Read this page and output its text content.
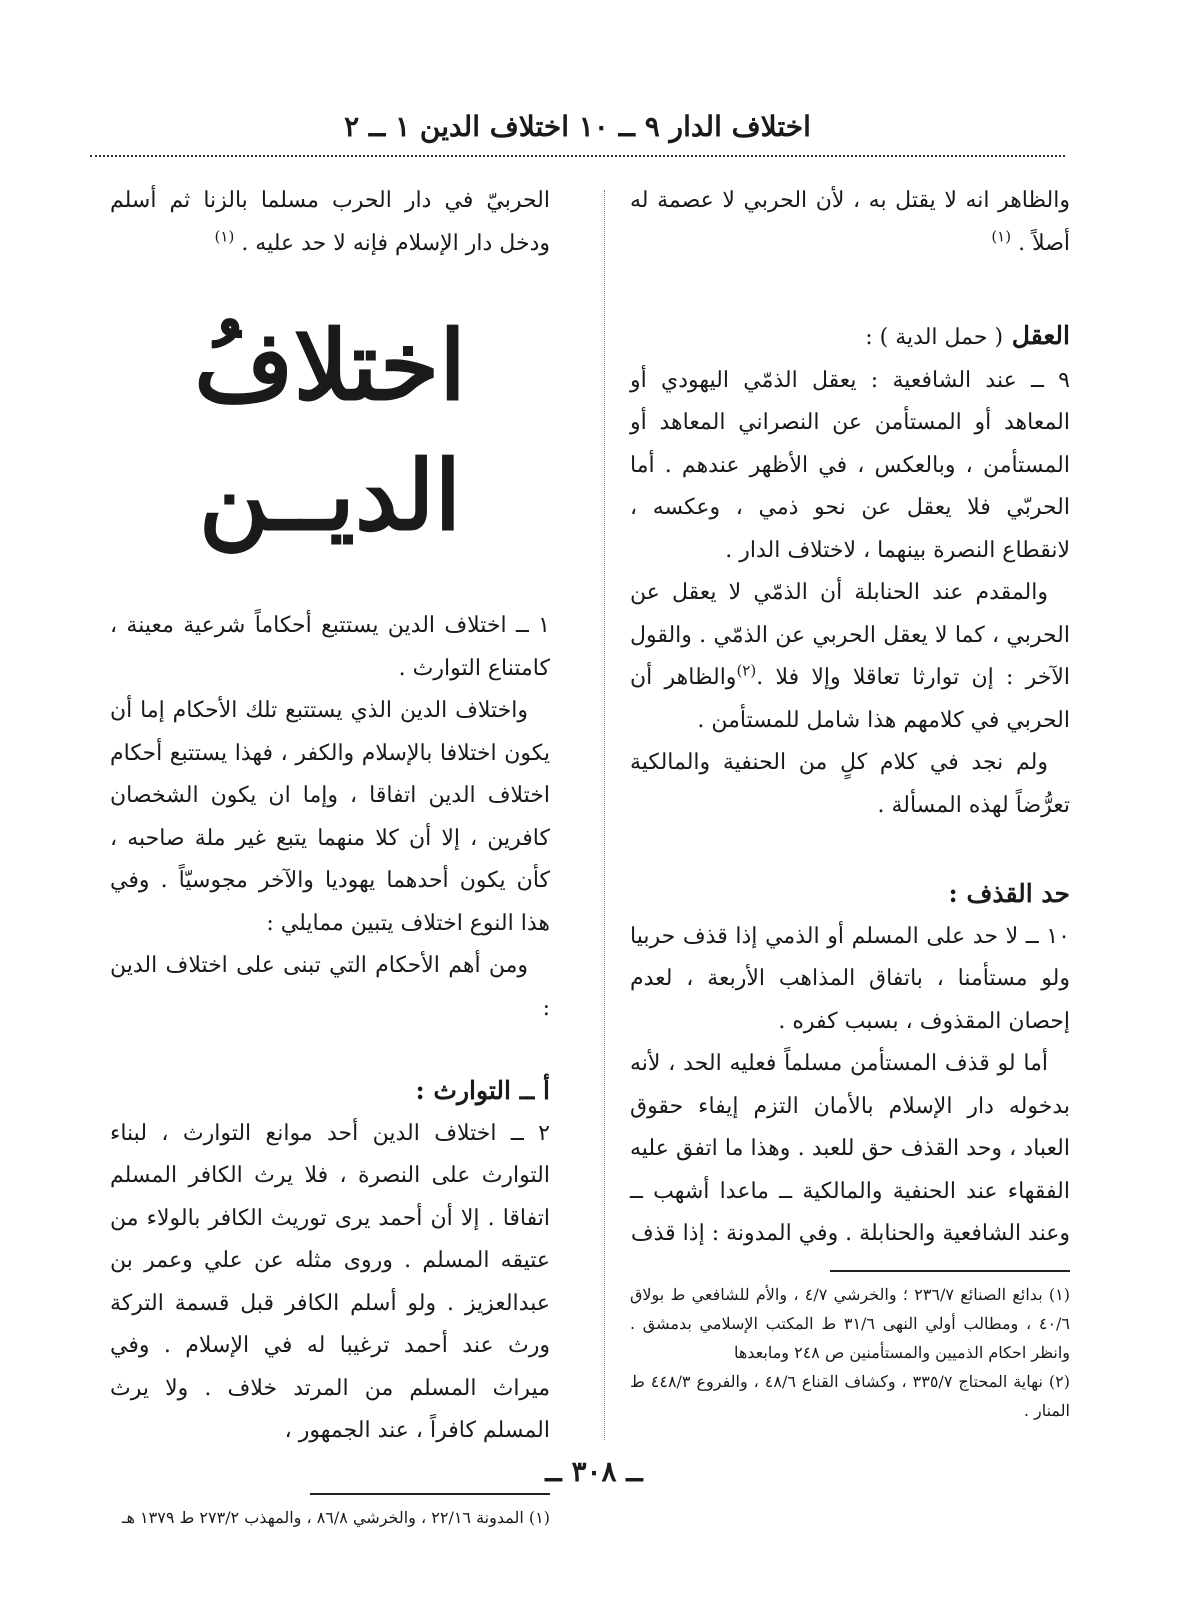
اختلاف الدار ٩ ــ ١٠ اختلاف الدين ١ ــ ٢

والظاهر انه لا يقتل به ، لأن الحربي لا عصمة له أصلاً . $^{(١)}$

العقل ( حمل الدية ) :

٩ ــ عند الشافعية : يعقل الذمّي اليهودي أو المعاهد أو المستأمن عن النصراني المعاهد أو المستأمن ، وبالعكس ، في الأظهر عندهم . أما الحربّي فلا يعقل عن نحو ذمي ، وعكسه ، لانقطاع النصرة بينهما ، لاختلاف الدار .

والمقدم عند الحنابلة أن الذمّي لا يعقل عن الحربي ، كما لا يعقل الحربي عن الذمّي . والقول الآخر : إن توارثا تعاقلا وإلا فلا .$^{(٢)}$والظاهر أن الحربي في كلامهم هذا شامل للمستأمن .

ولم نجد في كلام كلٍ من الحنفية والمالكية تعرُّضاً لهذه المسألة .

حد القذف :

١٠ ــ لا حد على المسلم أو الذمي إذا قذف حربيا ولو مستأمنا ، باتفاق المذاهب الأربعة ، لعدم إحصان المقذوف ، بسبب كفره .

أما لو قذف المستأمن مسلماً فعليه الحد ، لأنه بدخوله دار الإسلام بالأمان التزم إيفاء حقوق العباد ، وحد القذف حق للعبد . وهذا ما اتفق عليه الفقهاء عند الحنفية والمالكية ــ ماعدا أشهب ــ وعند الشافعية والحنابلة . وفي المدونة : إذا قذف

(١) بدائع الصنائع ٢٣٦/٧ ؛ والخرشي ٤/٧ ، والأم للشافعي ط بولاق ٤٠/٦ ، ومطالب أولي النهى ٣١/٦ ط المكتب الإسلامي بدمشق . وانظر احكام الذميين والمستأمنين ص ٢٤٨ ومابعدها

(٢) نهاية المحتاج ٣٣٥/٧ ، وكشاف القناع ٤٨/٦ ، والفروع ٤٤٨/٣ ط المنار .

الحربيّ في دار الحرب مسلما بالزنا ثم أسلم ودخل دار الإسلام فإنه لا حد عليه . $^{(١)}$

اختلافُ الديــن

١ ــ اختلاف الدين يستتبع أحكاماً شرعية معينة ، كامتناع التوارث .

واختلاف الدين الذي يستتبع تلك الأحكام إما أن يكون اختلافا بالإسلام والكفر ، فهذا يستتبع أحكام اختلاف الدين اتفاقا ، وإما ان يكون الشخصان كافرين ، إلا أن كلا منهما يتبع غير ملة صاحبه ، كأن يكون أحدهما يهوديا والآخر مجوسيّاً . وفي هذا النوع اختلاف يتبين ممايلي :

ومن أهم الأحكام التي تبنى على اختلاف الدين :

أ ــ التوارث :

٢ ــ اختلاف الدين أحد موانع التوارث ، لبناء التوارث على النصرة ، فلا يرث الكافر المسلم اتفاقا . إلا أن أحمد يرى توريث الكافر بالولاء من عتيقه المسلم . وروى مثله عن علي وعمر بن عبدالعزيز . ولو أسلم الكافر قبل قسمة التركة ورث عند أحمد ترغيبا له في الإسلام . وفي ميراث المسلم من المرتد خلاف . ولا يرث المسلم كافراً ، عند الجمهور ،

(١) المدونة ٢٢/١٦ ، والخرشي ٨٦/٨ ، والمهذب ٢٧٣/٢ ط ١٣٧٩ هـ

ــ ٣٠٨ ــ
